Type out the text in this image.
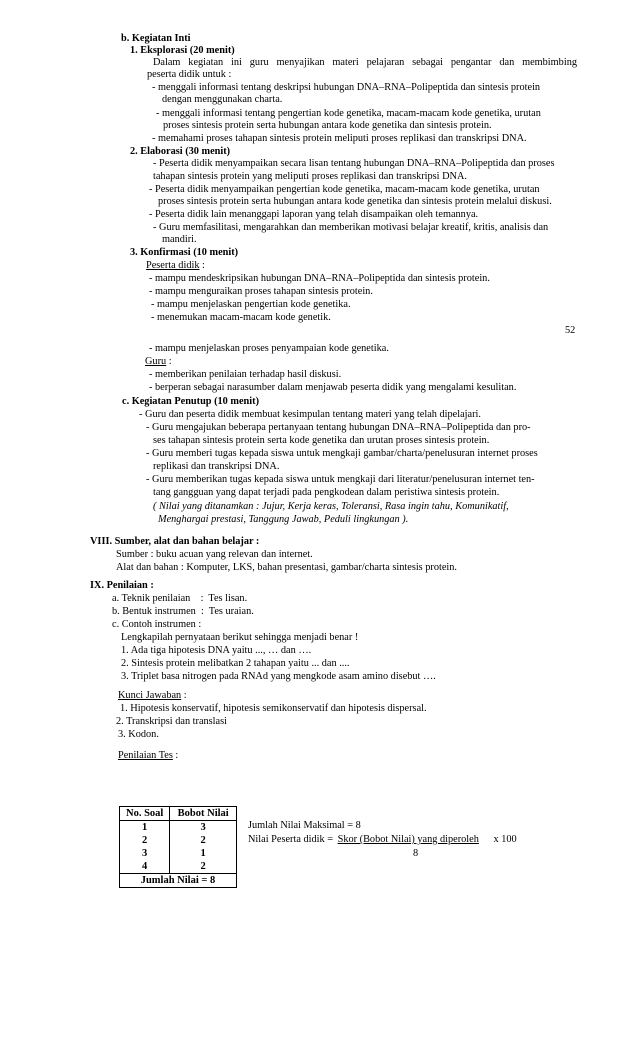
b. Kegiatan Inti
1. Eksplorasi (20 menit)
Dalam kegiatan ini guru menyajikan materi pelajaran sebagai pengantar dan membimbing
peserta didik untuk :
- menggali informasi tentang deskripsi hubungan DNA–RNA–Polipeptida dan sintesis protein
dengan menggunakan charta.
- menggali informasi tentang pengertian kode genetika, macam-macam kode genetika, urutan
proses sintesis protein serta hubungan antara kode genetika dan sintesis protein.
- memahami proses tahapan sintesis protein meliputi proses replikasi dan transkripsi DNA.
2. Elaborasi (30 menit)
- Peserta didik menyampaikan secara lisan tentang hubungan DNA–RNA–Polipeptida dan proses
tahapan sintesis protein yang meliputi proses replikasi dan transkripsi DNA.
- Peserta didik menyampaikan pengertian kode genetika, macam-macam kode genetika, urutan
proses sintesis protein serta hubungan antara kode genetika dan sintesis protein melalui diskusi.
- Peserta didik lain menanggapi laporan yang telah disampaikan oleh temannya.
- Guru memfasilitasi, mengarahkan dan memberikan motivasi belajar kreatif, kritis, analisis dan
mandiri.
3. Konfirmasi (10 menit)
Peserta didik :
- mampu mendeskripsikan hubungan DNA–RNA–Polipeptida dan sintesis protein.
- mampu menguraikan proses tahapan sintesis protein.
- mampu menjelaskan pengertian kode genetika.
- menemukan macam-macam kode genetik.
52
- mampu menjelaskan proses penyampaian kode genetika.
Guru :
- memberikan penilaian terhadap hasil diskusi.
- berperan sebagai narasumber dalam menjawab peserta didik yang mengalami kesulitan.
c. Kegiatan Penutup (10 menit)
- Guru dan peserta didik membuat kesimpulan tentang materi yang telah dipelajari.
- Guru mengajukan beberapa pertanyaan tentang hubungan DNA–RNA–Polipeptida dan pro-
ses tahapan sintesis protein serta kode genetika dan urutan proses sintesis protein.
- Guru memberi tugas kepada siswa untuk mengkaji gambar/charta/penelusuran internet proses
replikasi dan transkripsi DNA.
- Guru memberikan tugas kepada siswa untuk mengkaji dari literatur/penelusuran internet ten-
tang gangguan yang dapat terjadi pada pengkodean dalam peristiwa sintesis protein.
( Nilai yang ditanamkan : Jujur, Kerja keras, Toleransi, Rasa ingin tahu, Komunikatif,
Menghargai prestasi, Tanggung Jawab, Peduli lingkungan ).
VIII. Sumber, alat dan bahan belajar :
Sumber : buku acuan yang relevan dan internet.
Alat dan bahan : Komputer, LKS, bahan presentasi, gambar/charta sintesis protein.
IX. Penilaian :
a. Teknik penilaian    :  Tes lisan.
b. Bentuk instrumen  :  Tes uraian.
c. Contoh instrumen :
Lengkapilah pernyataan berikut sehingga menjadi benar !
1. Ada tiga hipotesis DNA yaitu ..., … dan ….
2. Sintesis protein melibatkan 2 tahapan yaitu ... dan ....
3. Triplet basa nitrogen pada RNAd yang mengkode asam amino disebut ….
Kunci Jawaban :
1. Hipotesis konservatif, hipotesis semikonservatif dan hipotesis dispersal.
2. Transkripsi dan translasi
3. Kodon.
Penilaian Tes :
No. Soal	Bobot Nilai
1	3
2	2
3	1
4	2
Jumlah Nilai = 8	
Jumlah Nilai Maksimal = 8
Nilai Peserta didik = Skor (Bobot Nilai) yang diperoleh x 100
8
